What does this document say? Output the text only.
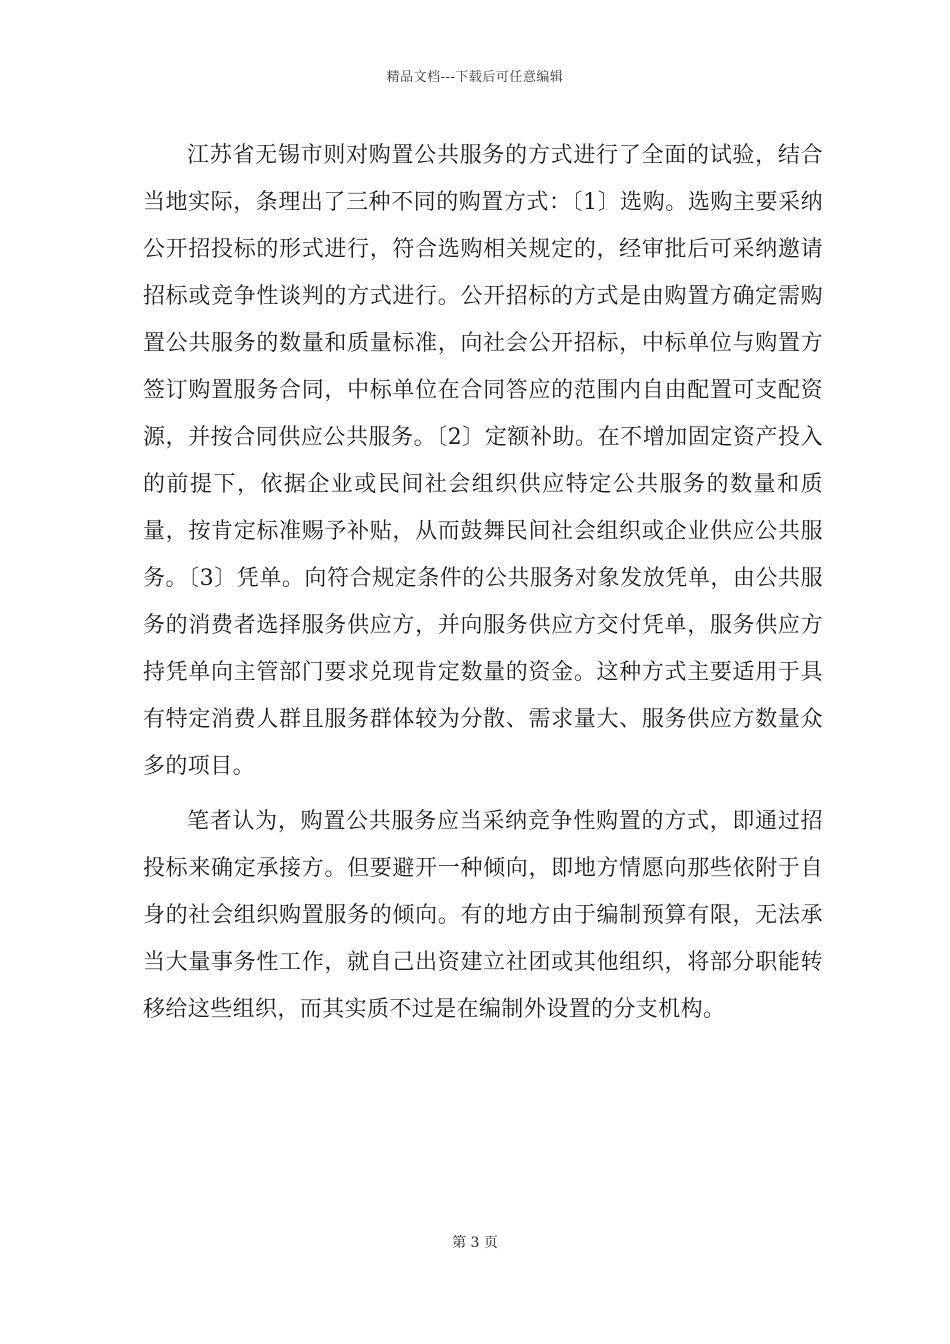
精品文档---下载后可任意编辑

江苏省无锡市则对购置公共服务的方式进行了全面的试验，结合当地实际，条理出了三种不同的购置方式：〔1〕选购。选购主要采纳公开招投标的形式进行，符合选购相关规定的，经审批后可采纳邀请招标或竞争性谈判的方式进行。公开招标的方式是由购置方确定需购置公共服务的数量和质量标准，向社会公开招标，中标单位与购置方签订购置服务合同，中标单位在合同答应的范围内自由配置可支配资源，并按合同供应公共服务。〔2〕定额补助。在不增加固定资产投入的前提下，依据企业或民间社会组织供应特定公共服务的数量和质量，按肯定标准赐予补贴，从而鼓舞民间社会组织或企业供应公共服务。〔3〕凭单。向符合规定条件的公共服务对象发放凭单，由公共服务的消费者选择服务供应方，并向服务供应方交付凭单，服务供应方持凭单向主管部门要求兑现肯定数量的资金。这种方式主要适用于具有特定消费人群且服务群体较为分散、需求量大、服务供应方数量众多的项目。

笔者认为，购置公共服务应当采纳竞争性购置的方式，即通过招投标来确定承接方。但要避开一种倾向，即地方情愿向那些依附于自身的社会组织购置服务的倾向。有的地方由于编制预算有限，无法承当大量事务性工作，就自己出资建立社团或其他组织，将部分职能转移给这些组织，而其实质不过是在编制外设置的分支机构。

第 3 页
